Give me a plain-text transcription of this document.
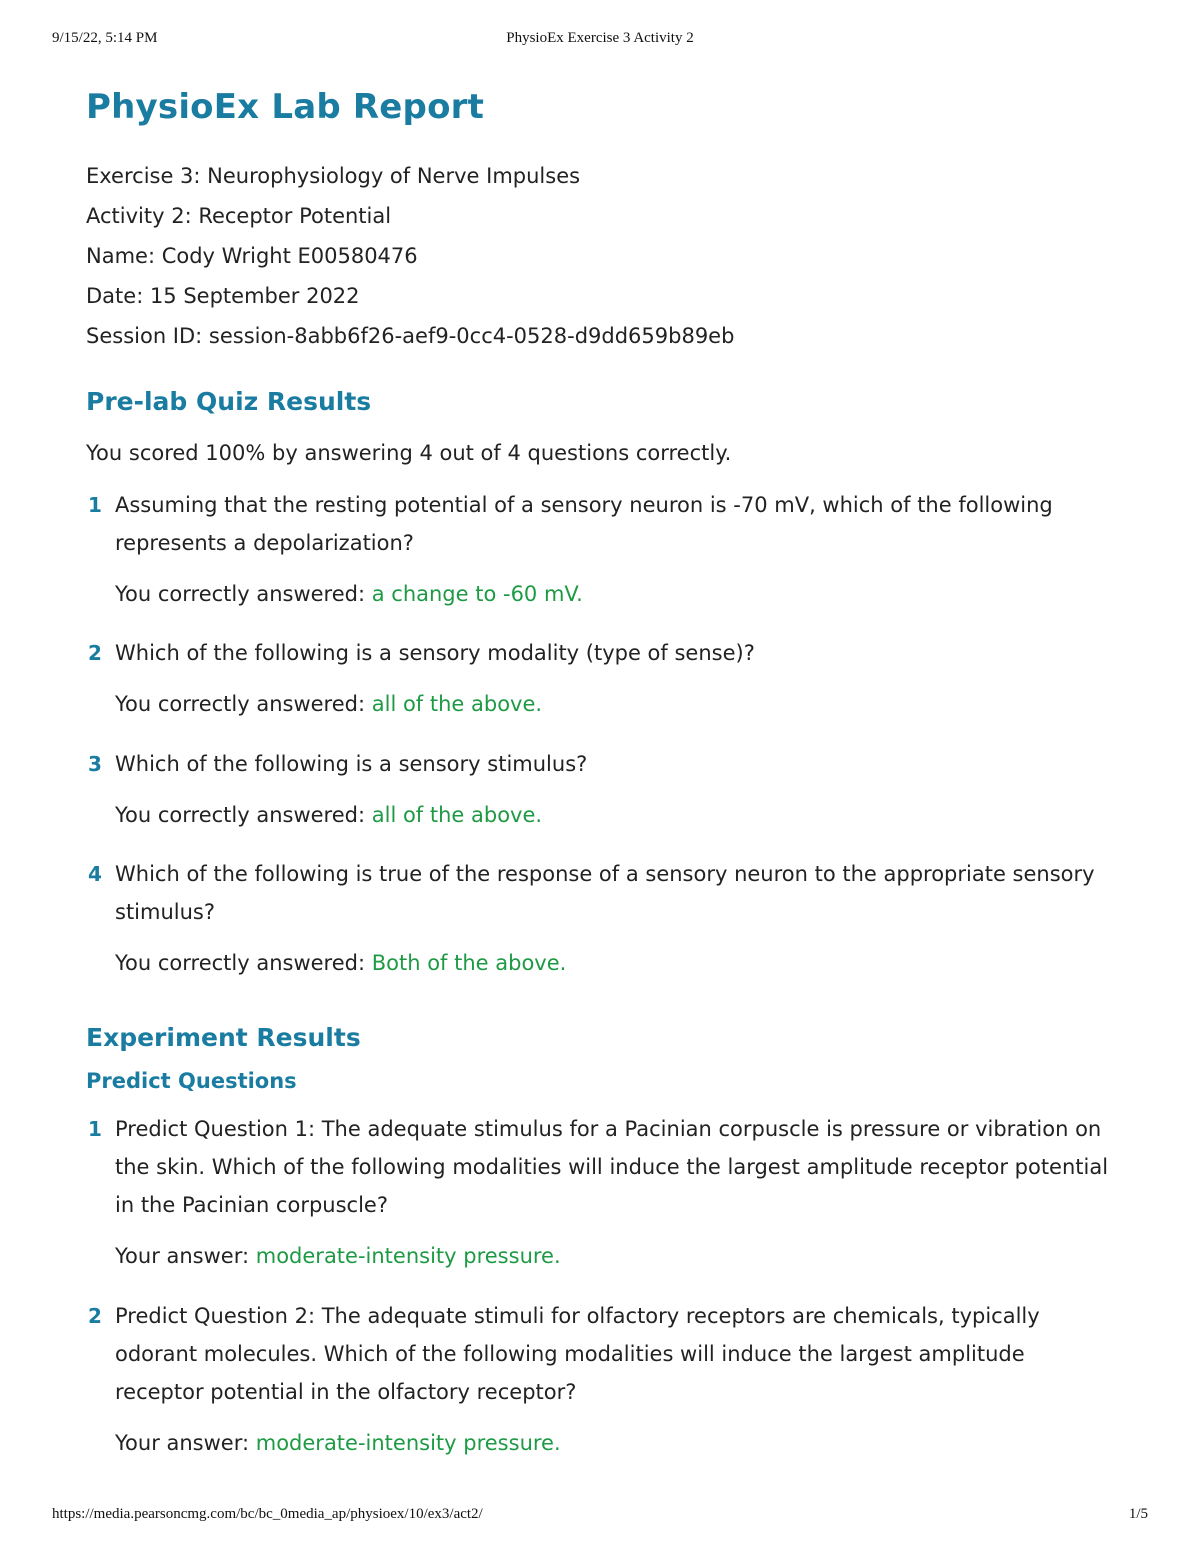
9/15/22, 5:14 PM	PhysioEx Exercise 3 Activity 2
PhysioEx Lab Report
Exercise 3: Neurophysiology of Nerve Impulses
Activity 2: Receptor Potential
Name: Cody Wright E00580476
Date: 15 September 2022
Session ID: session-8abb6f26-aef9-0cc4-0528-d9dd659b89eb
Pre-lab Quiz Results
You scored 100% by answering 4 out of 4 questions correctly.
1 Assuming that the resting potential of a sensory neuron is -70 mV, which of the following represents a depolarization?
You correctly answered: a change to -60 mV.
2 Which of the following is a sensory modality (type of sense)?
You correctly answered: all of the above.
3 Which of the following is a sensory stimulus?
You correctly answered: all of the above.
4 Which of the following is true of the response of a sensory neuron to the appropriate sensory stimulus?
You correctly answered: Both of the above.
Experiment Results
Predict Questions
1 Predict Question 1: The adequate stimulus for a Pacinian corpuscle is pressure or vibration on the skin. Which of the following modalities will induce the largest amplitude receptor potential in the Pacinian corpuscle?
Your answer: moderate-intensity pressure.
2 Predict Question 2: The adequate stimuli for olfactory receptors are chemicals, typically odorant molecules. Which of the following modalities will induce the largest amplitude receptor potential in the olfactory receptor?
Your answer: moderate-intensity pressure.
https://media.pearsoncmg.com/bc/bc_0media_ap/physioex/10/ex3/act2/	1/5
